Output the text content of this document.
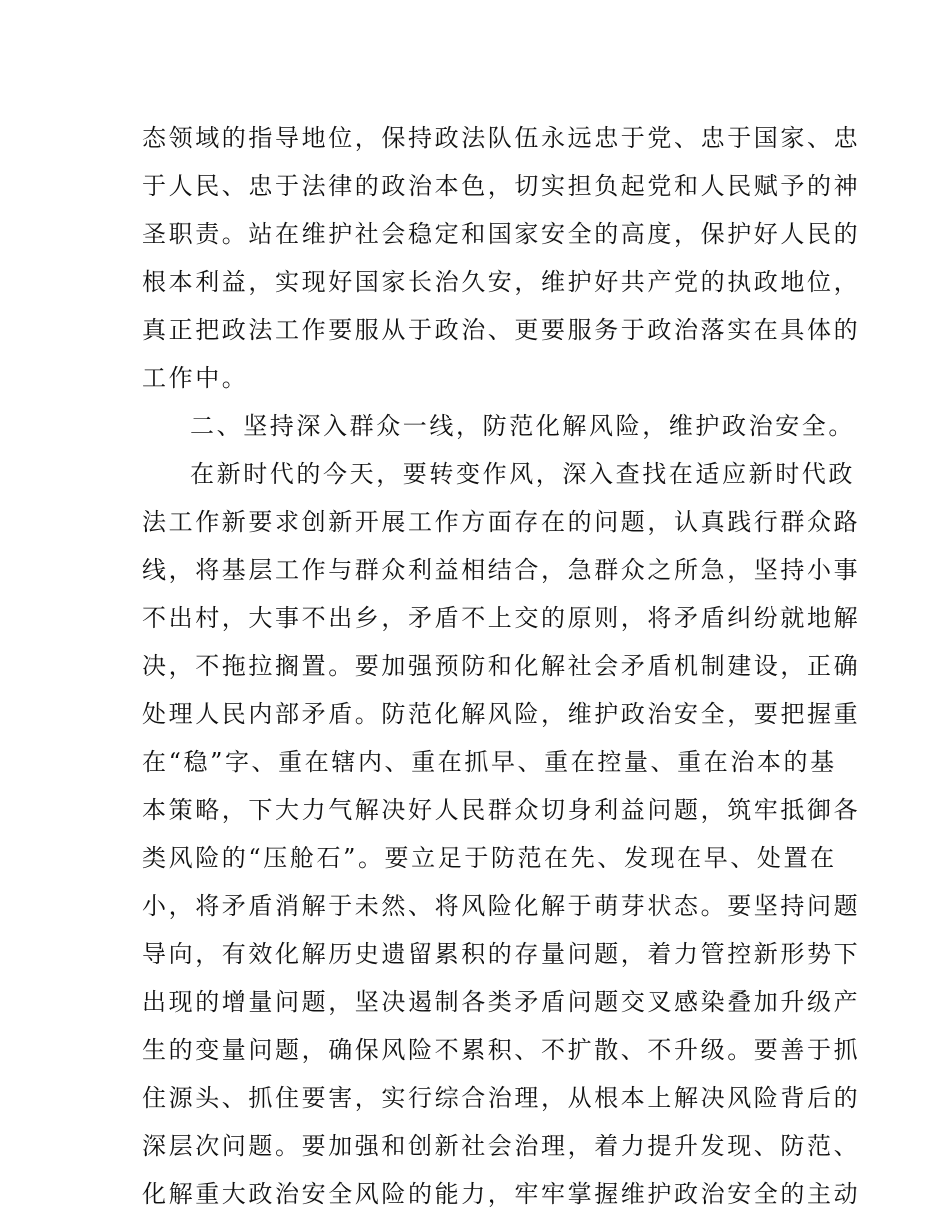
态领域的指导地位，保持政法队伍永远忠于党、忠于国家、忠
于人民、忠于法律的政治本色，切实担负起党和人民赋予的神
圣职责。站在维护社会稳定和国家安全的高度，保护好人民的
根本利益，实现好国家长治久安，维护好共产党的执政地位，
真正把政法工作要服从于政治、更要服务于政治落实在具体的
工作中。
二、坚持深入群众一线，防范化解风险，维护政治安全。
在新时代的今天，要转变作风，深入查找在适应新时代政
法工作新要求创新开展工作方面存在的问题，认真践行群众路
线，将基层工作与群众利益相结合，急群众之所急，坚持小事
不出村，大事不出乡，矛盾不上交的原则，将矛盾纠纷就地解
决，不拖拉搁置。要加强预防和化解社会矛盾机制建设，正确
处理人民内部矛盾。防范化解风险，维护政治安全，要把握重
在“稳”字、重在辖内、重在抓早、重在控量、重在治本的基
本策略，下大力气解决好人民群众切身利益问题，筑牢抵御各
类风险的“压舱石”。要立足于防范在先、发现在早、处置在
小，将矛盾消解于未然、将风险化解于萌芽状态。要坚持问题
导向，有效化解历史遗留累积的存量问题，着力管控新形势下
出现的增量问题，坚决遏制各类矛盾问题交叉感染叠加升级产
生的变量问题，确保风险不累积、不扩散、不升级。要善于抓
住源头、抓住要害，实行综合治理，从根本上解决风险背后的
深层次问题。要加强和创新社会治理，着力提升发现、防范、
化解重大政治安全风险的能力，牢牢掌握维护政治安全的主动
